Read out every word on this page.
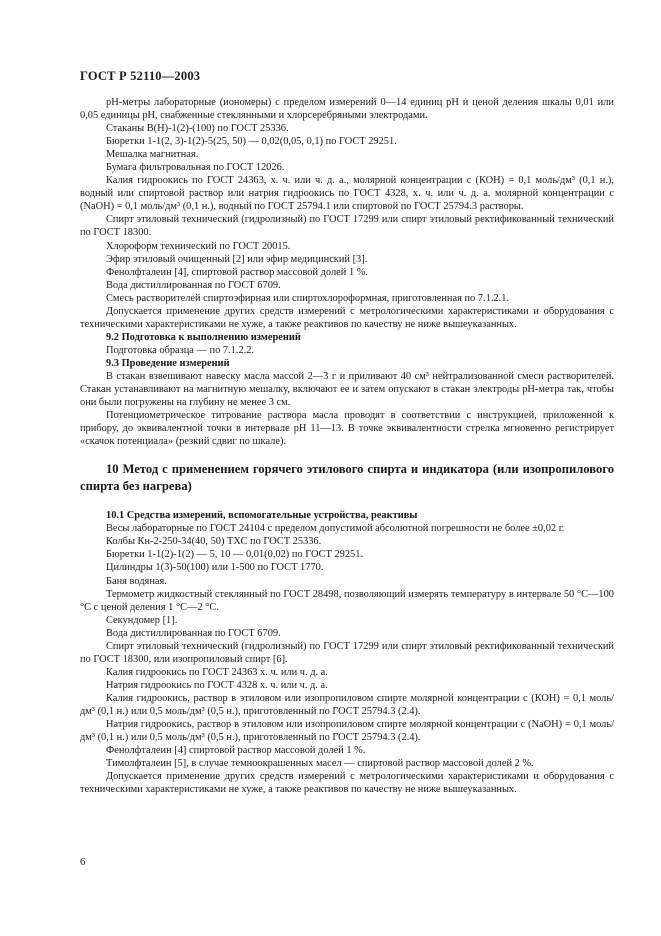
ГОСТ Р 52110—2003

рН-метры лабораторные (иономеры) с пределом измерений 0—14 единиц рН и ценой деления шкалы 0,01 или 0,05 единицы рН, снабженные стеклянными и хлорсеребряными электродами.

Стаканы В(Н)-1(2)-(100) по ГОСТ 25336.

Бюретки 1-1(2, 3)-1(2)-5(25, 50) — 0,02(0,05, 0,1) по ГОСТ 29251.

Мешалка магнитная.

Бумага фильтровальная по ГОСТ 12026.

Калия гидроокись по ГОСТ 24363, х. ч. или ч. д. а., молярной концентрации c (КОН) = 0,1 моль/дм³ (0,1 н.), водный или спиртовой раствор или натрия гидроокись по ГОСТ 4328, х. ч. или ч. д. а. молярной концентрации c (NaOH) = 0,1 моль/дм³ (0,1 н.), водный по ГОСТ 25794.1 или спиртовой по ГОСТ 25794.3 растворы.

Спирт этиловый технический (гидролизный) по ГОСТ 17299 или спирт этиловый ректификованный технический по ГОСТ 18300.

Хлороформ технический по ГОСТ 20015.

Эфир этиловый очищенный [2] или эфир медицинский [3].

Фенолфталеин [4], спиртовой раствор массовой долей 1 %.

Вода дистиллированная по ГОСТ 6709.

Смесь растворителей спиртоэфирная или спиртохлороформная, приготовленная по 7.1.2.1.

Допускается применение других средств измерений с метрологическими характеристиками и оборудования с техническими характеристиками не хуже, а также реактивов по качеству не ниже вышеуказанных.

9.2 Подготовка к выполнению измерений

Подготовка образца — по 7.1.2.2.

9.3 Проведение измерений

В стакан взвешивают навеску масла массой 2—3 г и приливают 40 см³ нейтрализованной смеси растворителей. Стакан устанавливают на магнитную мешалку, включают ее и затем опускают в стакан электроды рН-метра так, чтобы они были погружены на глубину не менее 3 см.

Потенциометрическое титрование раствора масла проводят в соответствии с инструкцией, приложенной к прибору, до эквивалентной точки в интервале рН 11—13. В точке эквивалентности стрелка мгновенно регистрирует «скачок потенциала» (резкий сдвиг по шкале).

10 Метод с применением горячего этилового спирта и индикатора (или изопропилового спирта без нагрева)

10.1 Средства измерений, вспомогательные устройства, реактивы

Весы лабораторные по ГОСТ 24104 с пределом допустимой абсолютной погрешности не более ±0,02 г.

Колбы Кн-2-250-34(40, 50) ТХС по ГОСТ 25336.

Бюретки 1-1(2)-1(2) — 5, 10 — 0,01(0,02) по ГОСТ 29251.

Цилиндры 1(3)-50(100) или 1-500 по ГОСТ 1770.

Баня водяная.

Термометр жидкостный стеклянный по ГОСТ 28498, позволяющий измерять температуру в интервале 50 °С—100 °С с ценой деления 1 °С—2 °С.

Секундомер [1].

Вода дистиллированная по ГОСТ 6709.

Спирт этиловый технический (гидролизный) по ГОСТ 17299 или спирт этиловый ректификованный технический по ГОСТ 18300, или изопропиловый спирт [6].

Калия гидроокись по ГОСТ 24363 х. ч. или ч. д. а.

Натрия гидроокись по ГОСТ 4328 х. ч. или ч. д. а.

Калия гидроокись, раствор в этиловом или изопропиловом спирте молярной концентрации c (КОН) = 0,1 моль/дм³ (0,1 н.) или 0,5 моль/дм³ (0,5 н.), приготовленный по ГОСТ 25794.3 (2.4).

Натрия гидроокись, раствор в этиловом или изопропиловом спирте молярной концентрации c (NaOH) = 0,1 моль/дм³ (0,1 н.) или 0,5 моль/дм³ (0,5 н.), приготовленный по ГОСТ 25794.3 (2.4).

Фенолфталеин [4] спиртовой раствор массовой долей 1 %.

Тимолфталеин [5], в случае темноокрашенных масел — спиртовой раствор массовой долей 2 %.

Допускается применение других средств измерений с метрологическими характеристиками и оборудования с техническими характеристиками не хуже, а также реактивов по качеству не ниже вышеуказанных.

6
